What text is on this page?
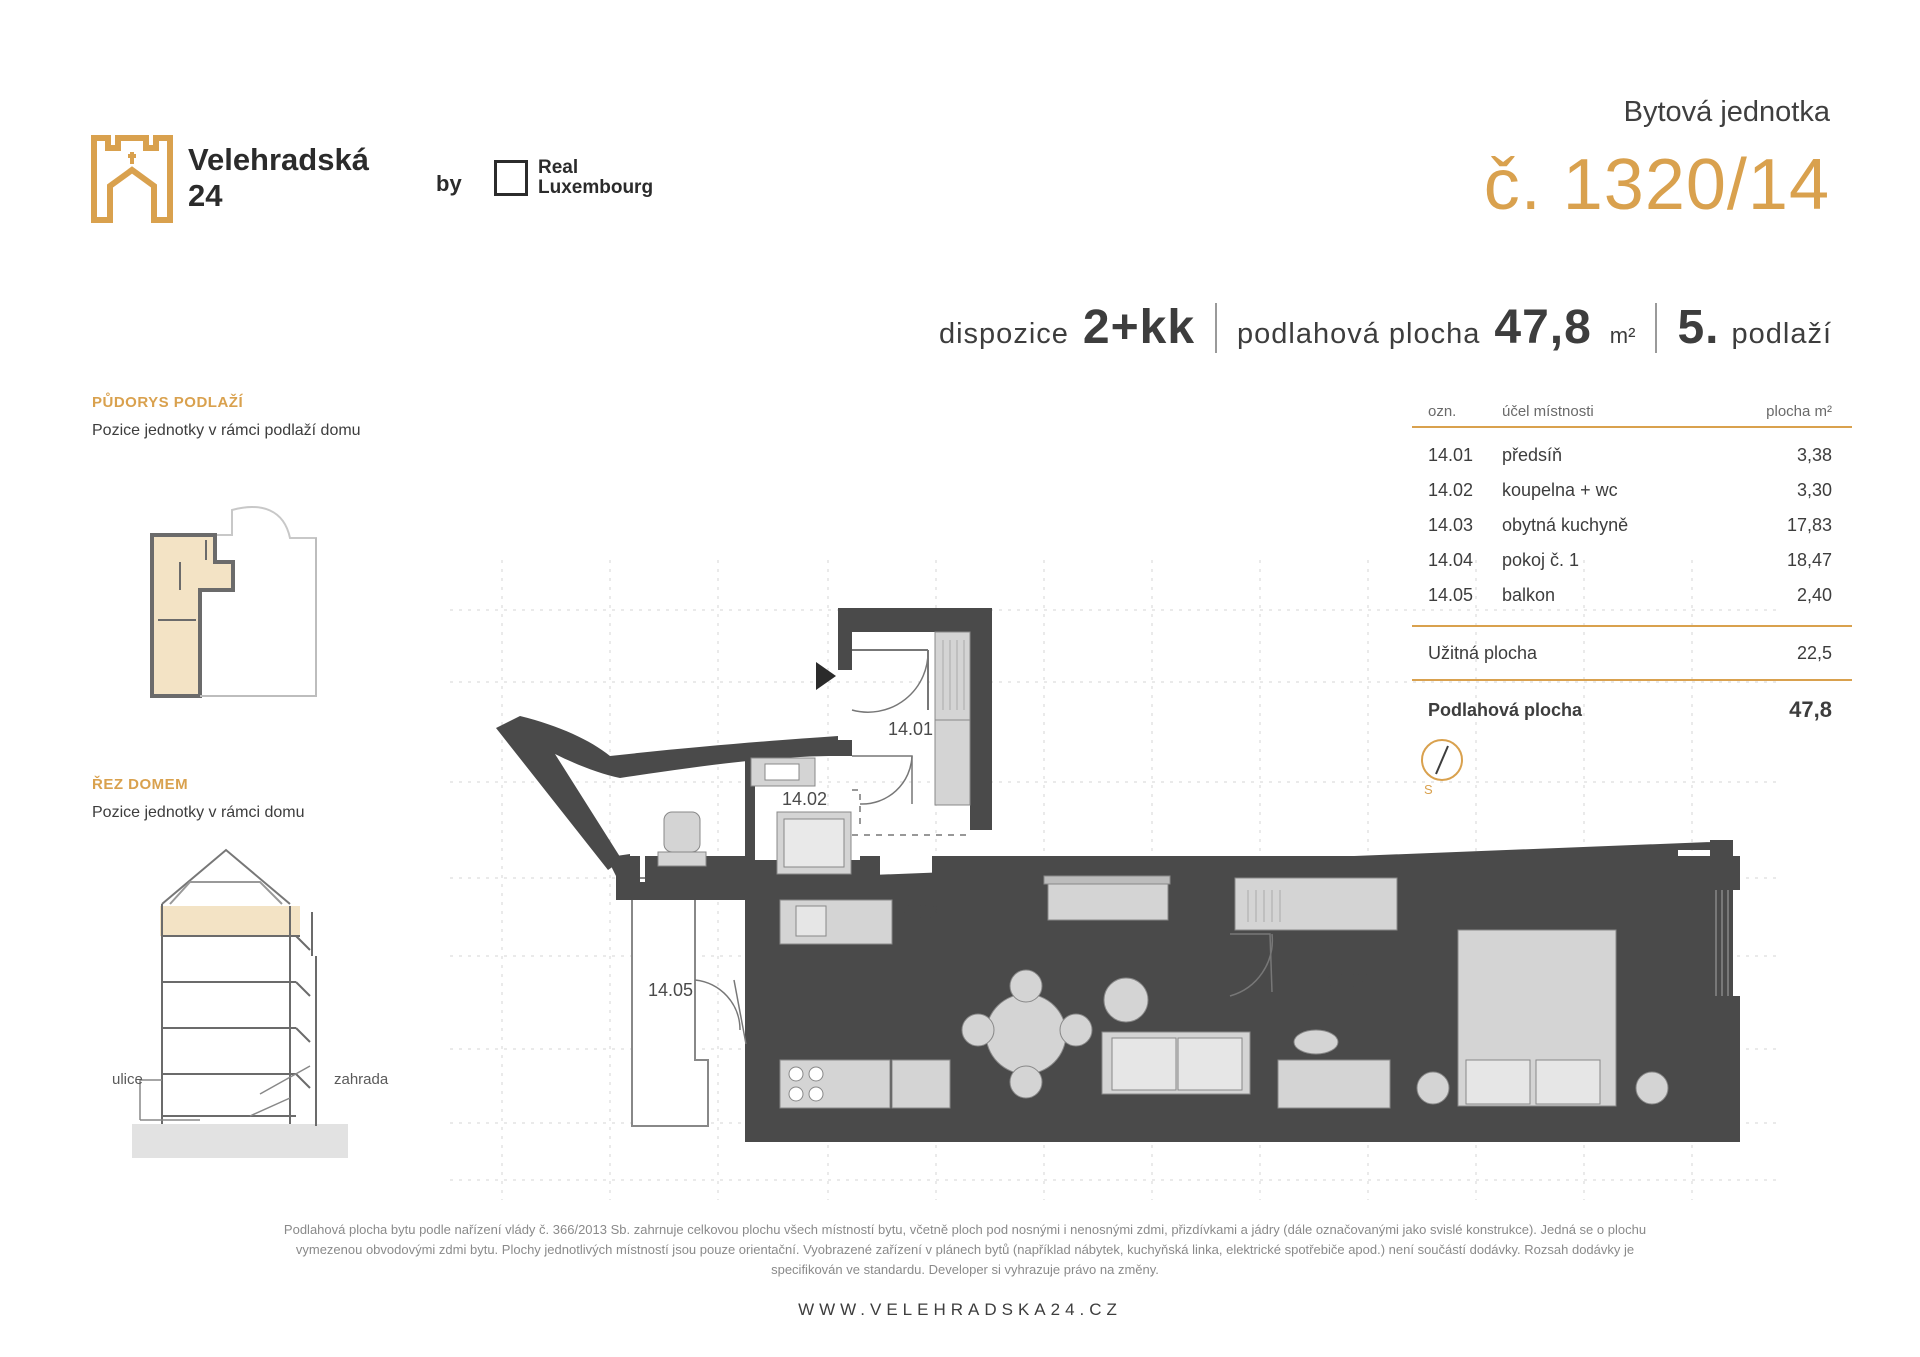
Velehradská
24	by
Real
Luxembourg
Bytová jednotka
č. 1320/14
dispozice 2+kk podlahová plocha 47,8 m² 5. podlaží
PŮDORYS PODLAŽÍ
Pozice jednotky v rámci podlaží domu
ŘEZ DOMEM
Pozice jednotky v rámci domu
ulice	zahrada
14.01
14.02
14.03
14.04
14.05
ozn.	účel místnosti	plocha m²
14.01	předsíň	3,38
14.02	koupelna + wc	3,30
14.03	obytná kuchyně	17,83
14.04	pokoj č. 1	18,47
14.05	balkon	2,40
Užitná plocha	22,5
Podlahová plocha	47,8
S
Podlahová plocha bytu podle nařízení vlády č. 366/2013 Sb. zahrnuje celkovou plochu všech místností bytu, včetně ploch pod nosnými i nenosnými zdmi, přizdívkami a jádry (dále označovanými jako svislé konstrukce). Jedná se o plochu
vymezenou obvodovými zdmi bytu. Plochy jednotlivých místností jsou pouze orientační. Vyobrazené zařízení v plánech bytů (například nábytek, kuchyňská linka, elektrické spotřebiče apod.) není součástí dodávky. Rozsah dodávky je
specifikován ve standardu. Developer si vyhrazuje právo na změny.
WWW.VELEHRADSKA24.CZ
